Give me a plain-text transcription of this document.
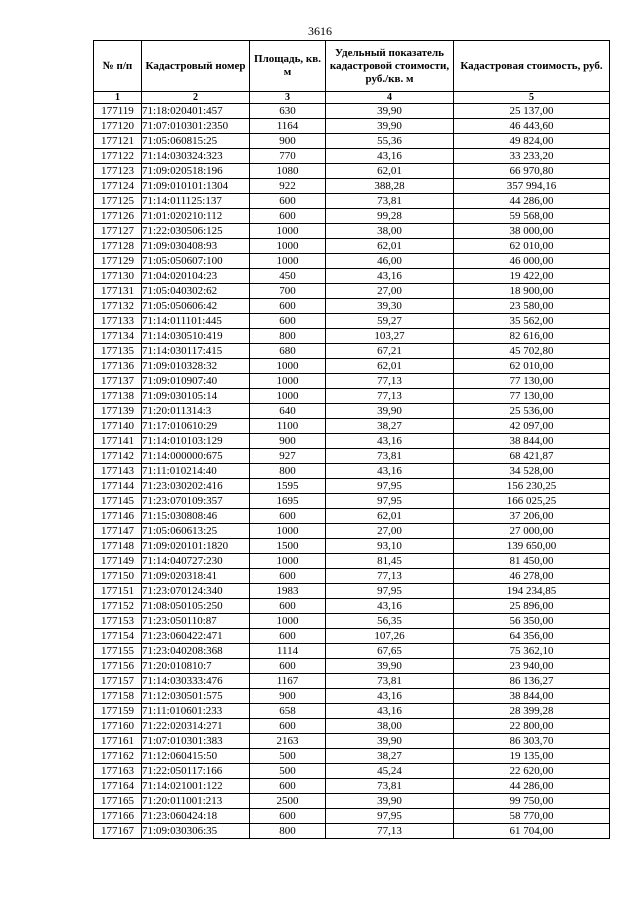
3616
№ п/п	Кадастровый номер	Площадь, кв. м	Удельный показатель кадастровой стоимости, руб./кв. м	Кадастровая стоимость, руб.
1	2	3	4	5
177119	71:18:020401:457	630	39,90	25 137,00
177120	71:07:010301:2350	1164	39,90	46 443,60
177121	71:05:060815:25	900	55,36	49 824,00
177122	71:14:030324:323	770	43,16	33 233,20
177123	71:09:020518:196	1080	62,01	66 970,80
177124	71:09:010101:1304	922	388,28	357 994,16
177125	71:14:011125:137	600	73,81	44 286,00
177126	71:01:020210:112	600	99,28	59 568,00
177127	71:22:030506:125	1000	38,00	38 000,00
177128	71:09:030408:93	1000	62,01	62 010,00
177129	71:05:050607:100	1000	46,00	46 000,00
177130	71:04:020104:23	450	43,16	19 422,00
177131	71:05:040302:62	700	27,00	18 900,00
177132	71:05:050606:42	600	39,30	23 580,00
177133	71:14:011101:445	600	59,27	35 562,00
177134	71:14:030510:419	800	103,27	82 616,00
177135	71:14:030117:415	680	67,21	45 702,80
177136	71:09:010328:32	1000	62,01	62 010,00
177137	71:09:010907:40	1000	77,13	77 130,00
177138	71:09:030105:14	1000	77,13	77 130,00
177139	71:20:011314:3	640	39,90	25 536,00
177140	71:17:010610:29	1100	38,27	42 097,00
177141	71:14:010103:129	900	43,16	38 844,00
177142	71:14:000000:675	927	73,81	68 421,87
177143	71:11:010214:40	800	43,16	34 528,00
177144	71:23:030202:416	1595	97,95	156 230,25
177145	71:23:070109:357	1695	97,95	166 025,25
177146	71:15:030808:46	600	62,01	37 206,00
177147	71:05:060613:25	1000	27,00	27 000,00
177148	71:09:020101:1820	1500	93,10	139 650,00
177149	71:14:040727:230	1000	81,45	81 450,00
177150	71:09:020318:41	600	77,13	46 278,00
177151	71:23:070124:340	1983	97,95	194 234,85
177152	71:08:050105:250	600	43,16	25 896,00
177153	71:23:050110:87	1000	56,35	56 350,00
177154	71:23:060422:471	600	107,26	64 356,00
177155	71:23:040208:368	1114	67,65	75 362,10
177156	71:20:010810:7	600	39,90	23 940,00
177157	71:14:030333:476	1167	73,81	86 136,27
177158	71:12:030501:575	900	43,16	38 844,00
177159	71:11:010601:233	658	43,16	28 399,28
177160	71:22:020314:271	600	38,00	22 800,00
177161	71:07:010301:383	2163	39,90	86 303,70
177162	71:12:060415:50	500	38,27	19 135,00
177163	71:22:050117:166	500	45,24	22 620,00
177164	71:14:021001:122	600	73,81	44 286,00
177165	71:20:011001:213	2500	39,90	99 750,00
177166	71:23:060424:18	600	97,95	58 770,00
177167	71:09:030306:35	800	77,13	61 704,00
